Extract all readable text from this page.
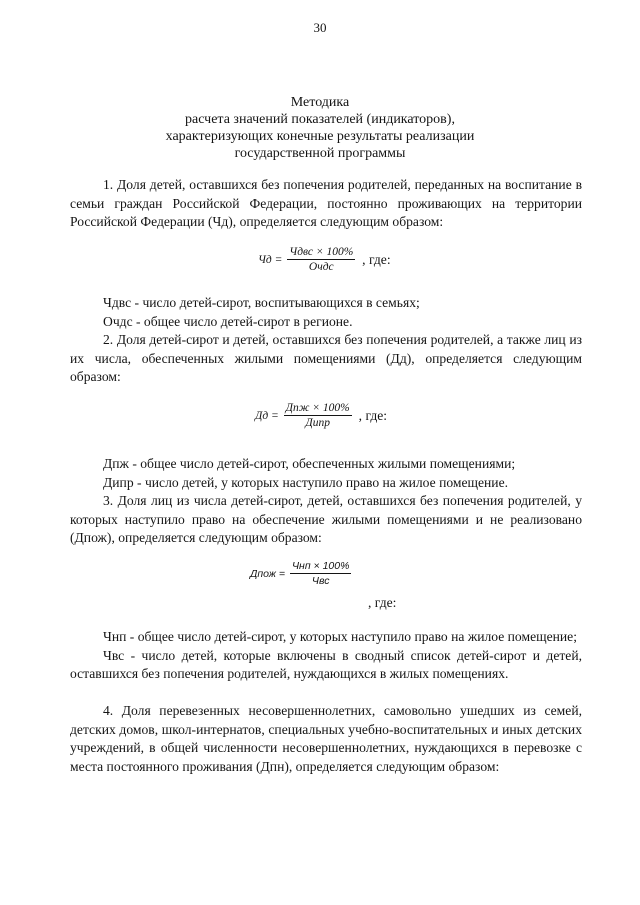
30
Методика
расчета значений показателей (индикаторов),
характеризующих конечные результаты реализации
государственной программы

1. Доля детей, оставшихся без попечения родителей, переданных на воспитание в семьи граждан Российской Федерации, постоянно проживающих на территории Российской Федерации (Чд), определяется следующим образом:

Чд = $\frac{\text{Чдвс × 100\%}}{\text{Очдс}}$ , где:

Чдвс - число детей-сирот, воспитывающихся в семьях;

Очдс - общее число детей-сирот в регионе.

2. Доля детей-сирот и детей, оставшихся без попечения родителей, а также лиц из их числа, обеспеченных жилыми помещениями (Дд), определяется следующим образом:

Дд = $\frac{\text{Дпж × 100\%}}{\text{Дипр}}$ , где:

Дпж - общее число детей-сирот, обеспеченных жилыми помещениями;

Дипр - число детей, у которых наступило право на жилое помещение.

3. Доля лиц из числа детей-сирот, детей, оставшихся без попечения родителей, у которых наступило право на обеспечение жилыми помещениями и не реализовано (Дпож), определяется следующим образом:

Дпож = $\frac{\text{Чнп × 100\%}}{\text{Чвс}}$
, где:

Чнп - общее число детей-сирот, у которых наступило право на жилое помещение;

Чвс - число детей, которые включены в сводный список детей-сирот и детей, оставшихся без попечения родителей, нуждающихся в жилых помещениях.

4. Доля перевезенных несовершеннолетних, самовольно ушедших из семей, детских домов, школ-интернатов, специальных учебно-воспитательных и иных детских учреждений, в общей численности несовершеннолетних, нуждающихся в перевозке с места постоянного проживания (Дпн), определяется следующим образом:
